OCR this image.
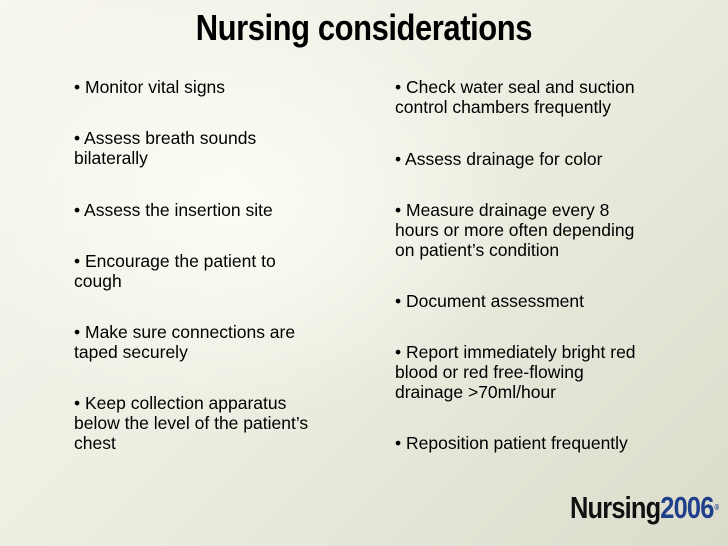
Nursing considerations
• Monitor vital signs
• Assess breath sounds
bilaterally
• Assess the insertion site
• Encourage the patient to
cough
• Make sure connections are
taped securely
• Keep collection apparatus
below the level of the patient’s
chest
• Check water seal and suction
control chambers frequently
• Assess drainage for color
• Measure drainage every 8
hours or more often depending
on patient’s condition
• Document assessment
• Report immediately bright red
blood or red free-flowing
drainage >70ml/hour
• Reposition patient frequently
Nursing 2006 ®
